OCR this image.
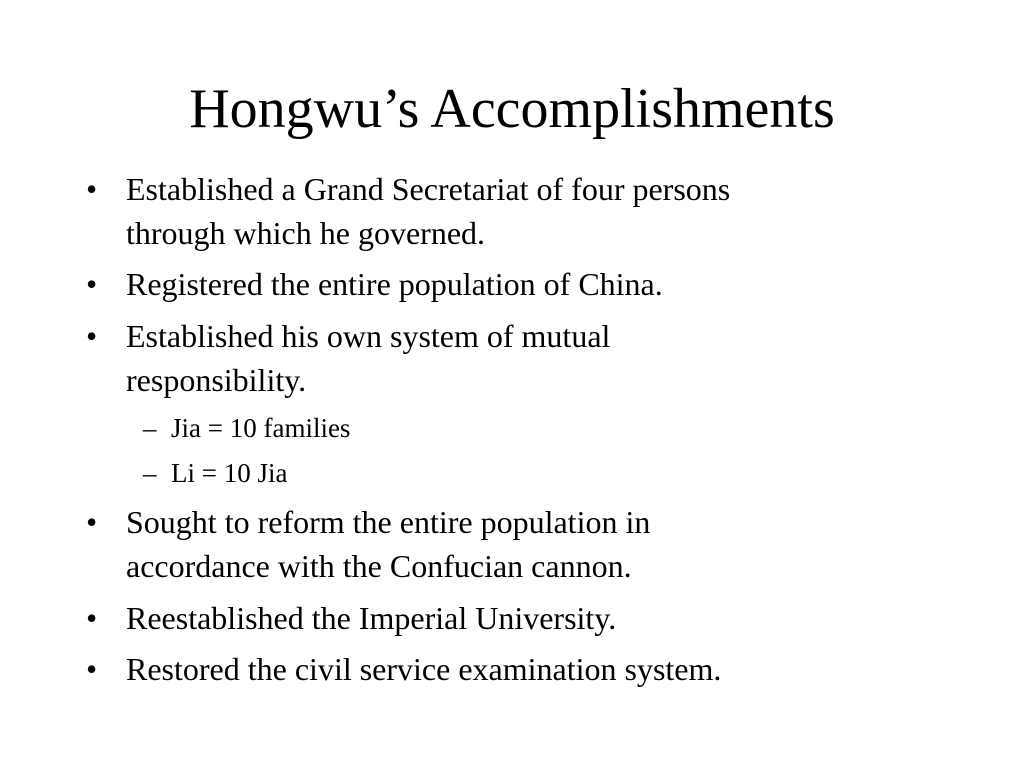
Hongwu’s Accomplishments
• Established a Grand Secretariat of four persons
through which he governed.
• Registered the entire population of China.
• Established his own system of mutual
responsibility.
– Jia = 10 families
– Li = 10 Jia
• Sought to reform the entire population in
accordance with the Confucian cannon.
• Reestablished the Imperial University.
• Restored the civil service examination system.
